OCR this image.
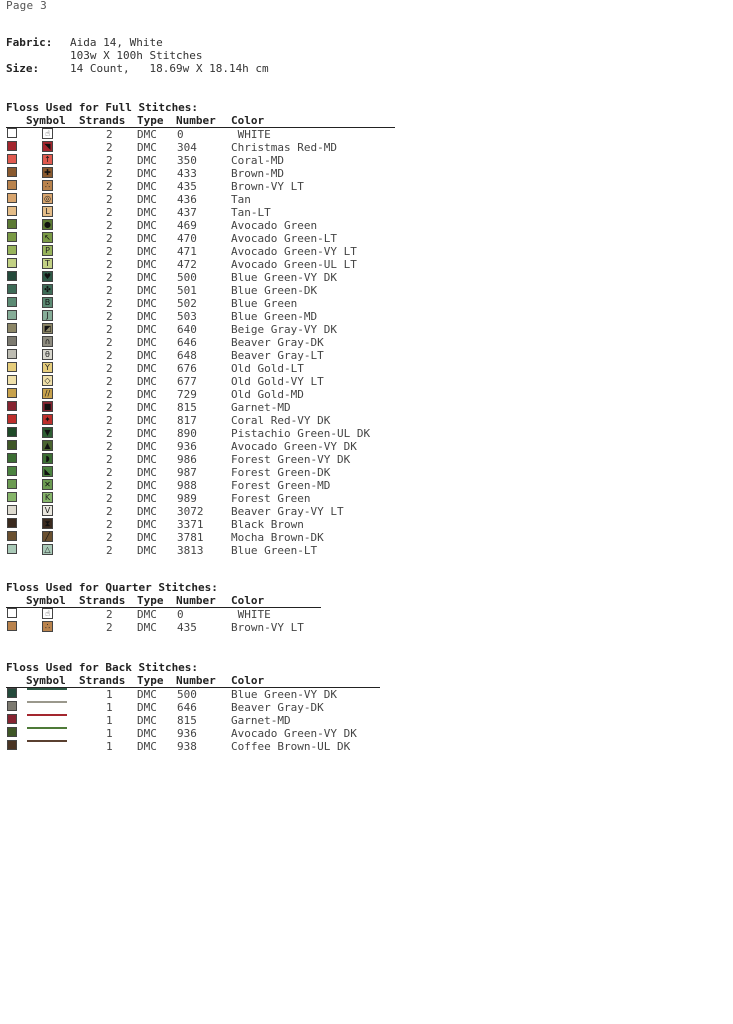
Page 3
Fabric: Aida 14, White
103w X 100h Stitches
Size:	14 Count,   18.69w X 18.14h cm
Floss Used for Full Stitches:
Symbol Strands Type Number Color
☝	2 DMC 0	WHITE
◥	2 DMC 304	Christmas Red-MD
↑	2 DMC 350	Coral-MD
✚	2 DMC 433	Brown-MD
∴	2 DMC 435	Brown-VY LT
◎	2 DMC 436	Tan
L	2 DMC 437	Tan-LT
●	2 DMC 469	Avocado Green
↖	2 DMC 470	Avocado Green-LT
P	2 DMC 471	Avocado Green-VY LT
T	2 DMC 472	Avocado Green-UL LT
♥	2 DMC 500	Blue Green-VY DK
✤	2 DMC 501	Blue Green-DK
B	2 DMC 502	Blue Green
J	2 DMC 503	Blue Green-MD
◩	2 DMC 640	Beige Gray-VY DK
∩	2 DMC 646	Beaver Gray-DK
θ	2 DMC 648	Beaver Gray-LT
Y	2 DMC 676	Old Gold-LT
◇	2 DMC 677	Old Gold-VY LT
//	2 DMC 729	Old Gold-MD
■	2 DMC 815	Garnet-MD
✦	2 DMC 817	Coral Red-VY DK
▼	2 DMC 890	Pistachio Green-UL DK
▲	2 DMC 936	Avocado Green-VY DK
◗	2 DMC 986	Forest Green-VY DK
◣	2 DMC 987	Forest Green-DK
✕	2 DMC 988	Forest Green-MD
K	2 DMC 989	Forest Green
V	2 DMC 3072	Beaver Gray-VY LT
⧗	2 DMC 3371	Black Brown
╱	2 DMC 3781	Mocha Brown-DK
△	2 DMC 3813	Blue Green-LT
Floss Used for Quarter Stitches:
Symbol Strands Type Number Color
☝	2 DMC 0	WHITE
∴	2 DMC 435	Brown-VY LT
Floss Used for Back Stitches:
Symbol Strands Type Number Color
1 DMC 500	Blue Green-VY DK
1 DMC 646	Beaver Gray-DK
1 DMC 815	Garnet-MD
1 DMC 936	Avocado Green-VY DK
1 DMC 938	Coffee Brown-UL DK
